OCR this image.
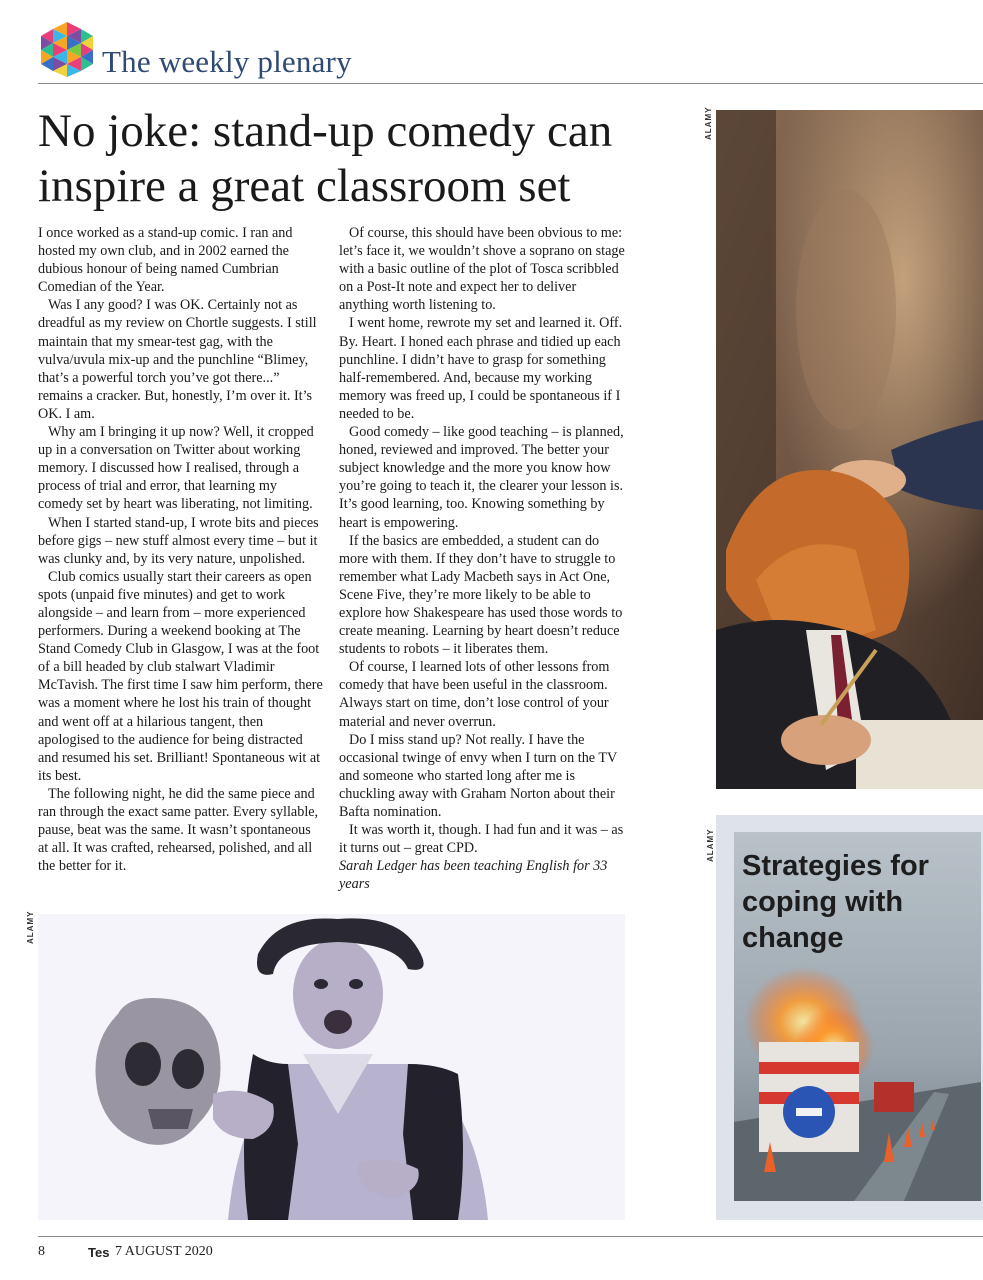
The weekly plenary
No joke: stand-up comedy can inspire a great classroom set

I once worked as a stand-up comic. I ran and hosted my own club, and in 2002 earned the dubious honour of being named Cumbrian Comedian of the Year.

Was I any good? I was OK. Certainly not as dreadful as my review on Chortle suggests. I still maintain that my smear-test gag, with the vulva/uvula mix-up and the punchline “Blimey, that’s a powerful torch you’ve got there...” remains a cracker. But, honestly, I’m over it. It’s OK. I am.

Why am I bringing it up now? Well, it cropped up in a conversation on Twitter about working memory. I discussed how I realised, through a process of trial and error, that learning my comedy set by heart was liberating, not limiting.

When I started stand-up, I wrote bits and pieces before gigs – new stuff almost every time – but it was clunky and, by its very nature, unpolished.

Club comics usually start their careers as open spots (unpaid five minutes) and get to work alongside – and learn from – more experienced performers. During a weekend booking at The Stand Comedy Club in Glasgow, I was at the foot of a bill headed by club stalwart Vladimir McTavish. The first time I saw him perform, there was a moment where he lost his train of thought and went off at a hilarious tangent, then apologised to the audience for being distracted and resumed his set. Brilliant! Spontaneous wit at its best.

The following night, he did the same piece and ran through the exact same patter. Every syllable, pause, beat was the same. It wasn’t spontaneous at all. It was crafted, rehearsed, polished, and all the better for it.

Of course, this should have been obvious to me: let’s face it, we wouldn’t shove a soprano on stage with a basic outline of the plot of Tosca scribbled on a Post-It note and expect her to deliver anything worth listening to.

I went home, rewrote my set and learned it. Off. By. Heart. I honed each phrase and tidied up each punchline. I didn’t have to grasp for something half-remembered. And, because my working memory was freed up, I could be spontaneous if I needed to be.

Good comedy – like good teaching – is planned, honed, reviewed and improved. The better your subject knowledge and the more you know how you’re going to teach it, the clearer your lesson is. It’s good learning, too. Knowing something by heart is empowering.

If the basics are embedded, a student can do more with them. If they don’t have to struggle to remember what Lady Macbeth says in Act One, Scene Five, they’re more likely to be able to explore how Shakespeare has used those words to create meaning. Learning by heart doesn’t reduce students to robots – it liberates them.

Of course, I learned lots of other lessons from comedy that have been useful in the classroom. Always start on time, don’t lose control of your material and never overrun.

Do I miss stand up? Not really. I have the occasional twinge of envy when I turn on the TV and someone who started long after me is chuckling away with Graham Norton about their Bafta nomination.

It was worth it, though. I had fun and it was – as it turns out – great CPD.

Sarah Ledger has been teaching English for 33 years

ALAMY
ALAMY
Strategies for coping with change
ALAMY
8	Tes 7 AUGUST 2020
